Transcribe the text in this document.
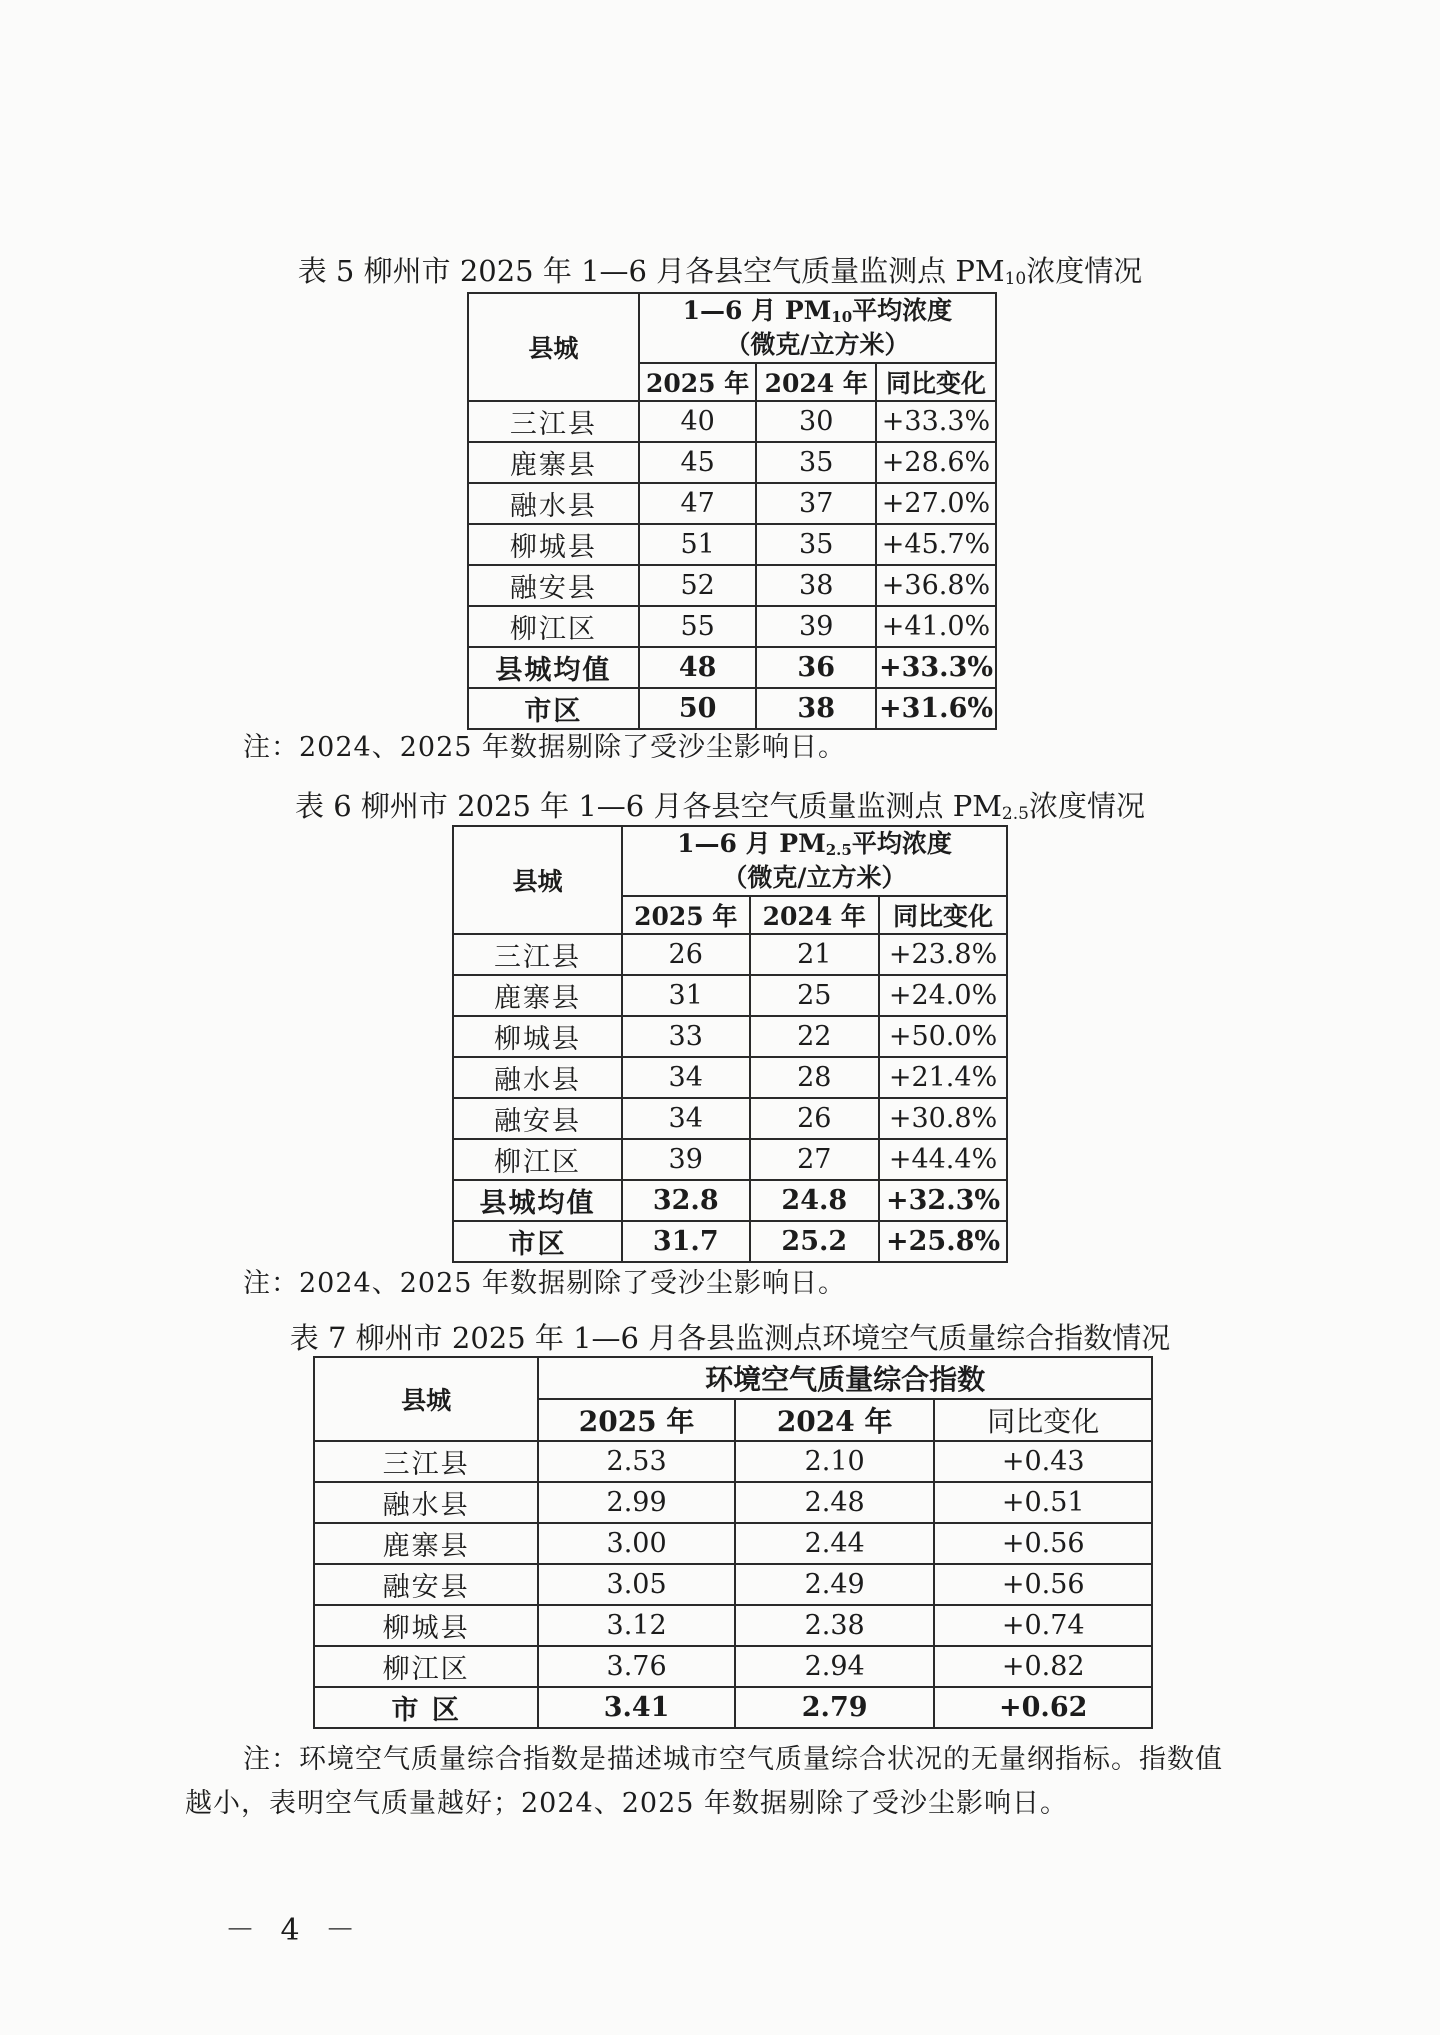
表 5 柳州市 2025 年 1—6 月各县空气质量监测点 $PM_{10}$浓度情况
县城	1—6 月 $PM_{10}$平均浓度
（微克/立方米）		

	2025 年	2024 年	同比变化
三江县	40	30	+33.3%
鹿寨县	45	35	+28.6%
融水县	47	37	+27.0%
柳城县	51	35	+45.7%
融安县	52	38	+36.8%
柳江区	55	39	+41.0%
县城均值	48	36	+33.3%
市区	50	38	+31.6%
注：2024、2025 年数据剔除了受沙尘影响日。
表 6 柳州市 2025 年 1—6 月各县空气质量监测点 $PM_{2.5}$浓度情况
县城	1—6 月 $PM_{2.5}$平均浓度
（微克/立方米）		

	2025 年	2024 年	同比变化
三江县	26	21	+23.8%
鹿寨县	31	25	+24.0%
柳城县	33	22	+50.0%
融水县	34	28	+21.4%
融安县	34	26	+30.8%
柳江区	39	27	+44.4%
县城均值	32.8	24.8	+32.3%
市区	31.7	25.2	+25.8%
注：2024、2025 年数据剔除了受沙尘影响日。
表 7 柳州市 2025 年 1—6 月各县监测点环境空气质量综合指数情况
县城	环境空气质量综合指数		
	2025 年	2024 年	同比变化
三江县	2.53	2.10	+0.43
融水县	2.99	2.48	+0.51
鹿寨县	3.00	2.44	+0.56
融安县	3.05	2.49	+0.56
柳城县	3.12	2.38	+0.74
柳江区	3.76	2.94	+0.82
市 区	3.41	2.79	+0.62
注：环境空气质量综合指数是描述城市空气质量综合状况的无量纲指标。指数值
越小，表明空气质量越好；2024、2025 年数据剔除了受沙尘影响日。
－ 4 －
